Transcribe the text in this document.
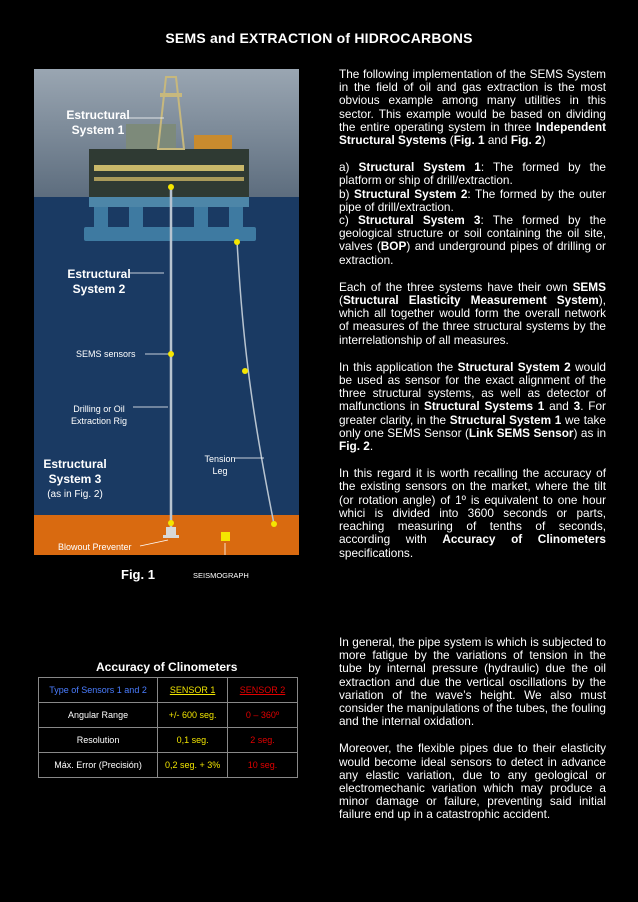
SEMS and EXTRACTION of HIDROCARBONS
Estructural
System 1
Estructural
System 2
SEMS sensors
Drilling or Oil
Extraction Rig
Tension
Leg
Estructural
System 3
(as in Fig. 2)
Blowout Preventer
Fig. 1	SEISMOGRAPH

The following implementation of the SEMS System in the field of oil and gas extraction is the most obvious example among many utilities in this sector. This example would be based on dividing the entire operating system in three Independent Structural Systems (Fig. 1 and Fig. 2)

a) Structural System 1: The formed by the platform or ship of drill/extraction.
b) Structural System 2: The formed by the outer pipe of drill/extraction.
c) Structural System 3: The formed by the geological structure or soil containing the oil site, valves (BOP) and underground pipes of drilling or extraction.

Each of the three systems have their own SEMS (Structural Elasticity Measurement System), which all together would form the overall network of measures of the three structural systems by the interrelationship of all measures.

In this application the Structural System 2 would be used as sensor for the exact alignment of the three structural systems, as well as detector of malfunctions in Structural Systems 1 and 3. For greater clarity, in the Structural System 1 we take only one SEMS Sensor (Link SEMS Sensor) as in Fig. 2.

In this regard it is worth recalling the accuracy of the existing sensors on the market, where the tilt (or rotation angle) of 1º is equivalent to one hour whici is divided into 3600 seconds or parts, reaching measuring of tenths of seconds, according with Accuracy of Clinometers specifications.

In general, the pipe system is which is subjected to more fatigue by the variations of tension in the tube by internal pressure (hydraulic) due the oil extraction and due the vertical oscillations by the variation of the wave’s height. We also must consider the manipulations of the tubes, the fouling and the internal oxidation.

Moreover, the flexible pipes due to their elasticity would become ideal sensors to detect in advance any elastic variation, due to any geological or electromechanic variation which may produce a minor damage or failure, preventing said initial failure end up in a catastrophic accident.

Accuracy of Clinometers
Type of Sensors 1 and 2	SENSOR 1	SENSOR 2
Angular Range	+/- 600 seg.	0 – 360º
Resolution	0,1 seg.	2 seg.
Máx. Error (Precisión)	0,2 seg. + 3%	10 seg.
